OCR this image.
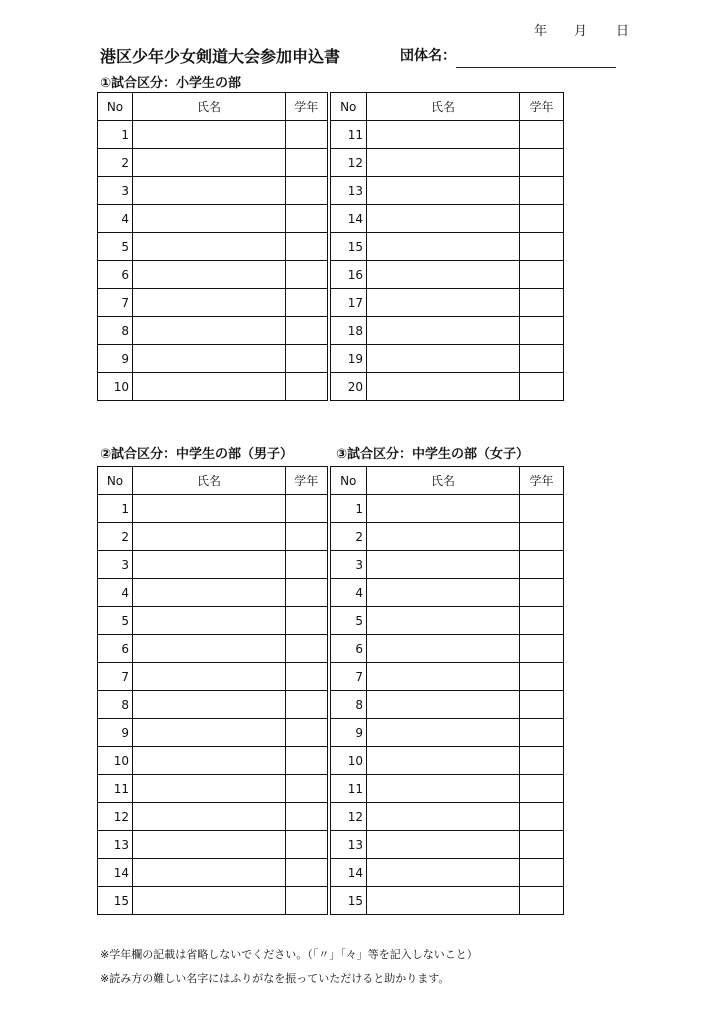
年 月 日
港区少年少女剣道大会参加申込書	団体名：
①試合区分：小学生の部
No	氏名	学年	No	氏名	学年
1			11		
2			12		
3			13		
4			14		
5			15		
6			16		
7			17		
8			18		
9			19		
10			20		
②試合区分：中学生の部（男子）	③試合区分：中学生の部（女子）
No	氏名	学年	No	氏名	学年
1			1		
2			2		
3			3		
4			4		
5			5		
6			6		
7			7		
8			8		
9			9		
10			10		
11			11		
12			12		
13			13		
14			14		
15			15		
※学年欄の記載は省略しないでください。（「〃」「々」等を記入しないこと）
※読み方の難しい名字にはふりがなを振っていただけると助かります。
